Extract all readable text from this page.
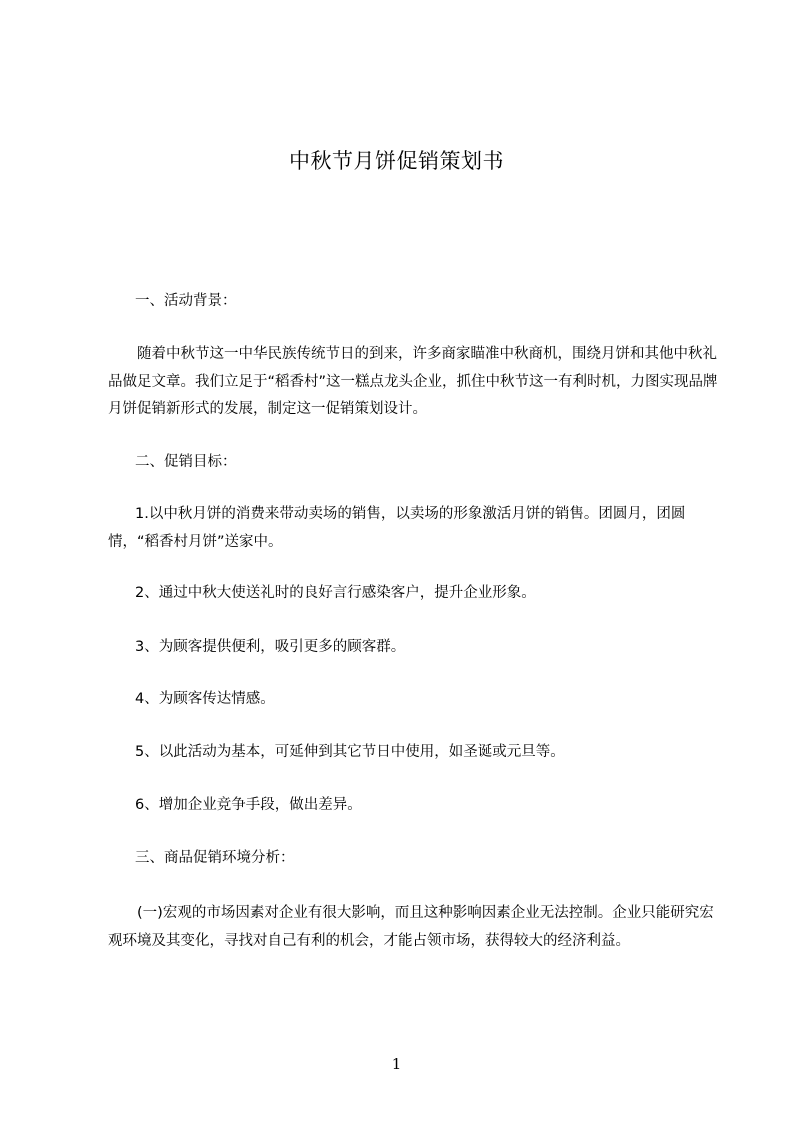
中秋节月饼促销策划书
一、活动背景：
随着中秋节这一中华民族传统节日的到来，许多商家瞄准中秋商机，围绕月饼和其他中秋礼品做足文章。我们立足于“稻香村”这一糕点龙头企业，抓住中秋节这一有利时机，力图实现品牌月饼促销新形式的发展，制定这一促销策划设计。
二、促销目标：
1.以中秋月饼的消费来带动卖场的销售，以卖场的形象激活月饼的销售。团圆月，团圆情，“稻香村月饼”送家中。
2、通过中秋大使送礼时的良好言行感染客户，提升企业形象。
3、为顾客提供便利，吸引更多的顾客群。
4、为顾客传达情感。
5、以此活动为基本，可延伸到其它节日中使用，如圣诞或元旦等。
6、增加企业竞争手段，做出差异。
三、商品促销环境分析：
(一)宏观的市场因素对企业有很大影响，而且这种影响因素企业无法控制。企业只能研究宏观环境及其变化，寻找对自己有利的机会，才能占领市场，获得较大的经济利益。
1
